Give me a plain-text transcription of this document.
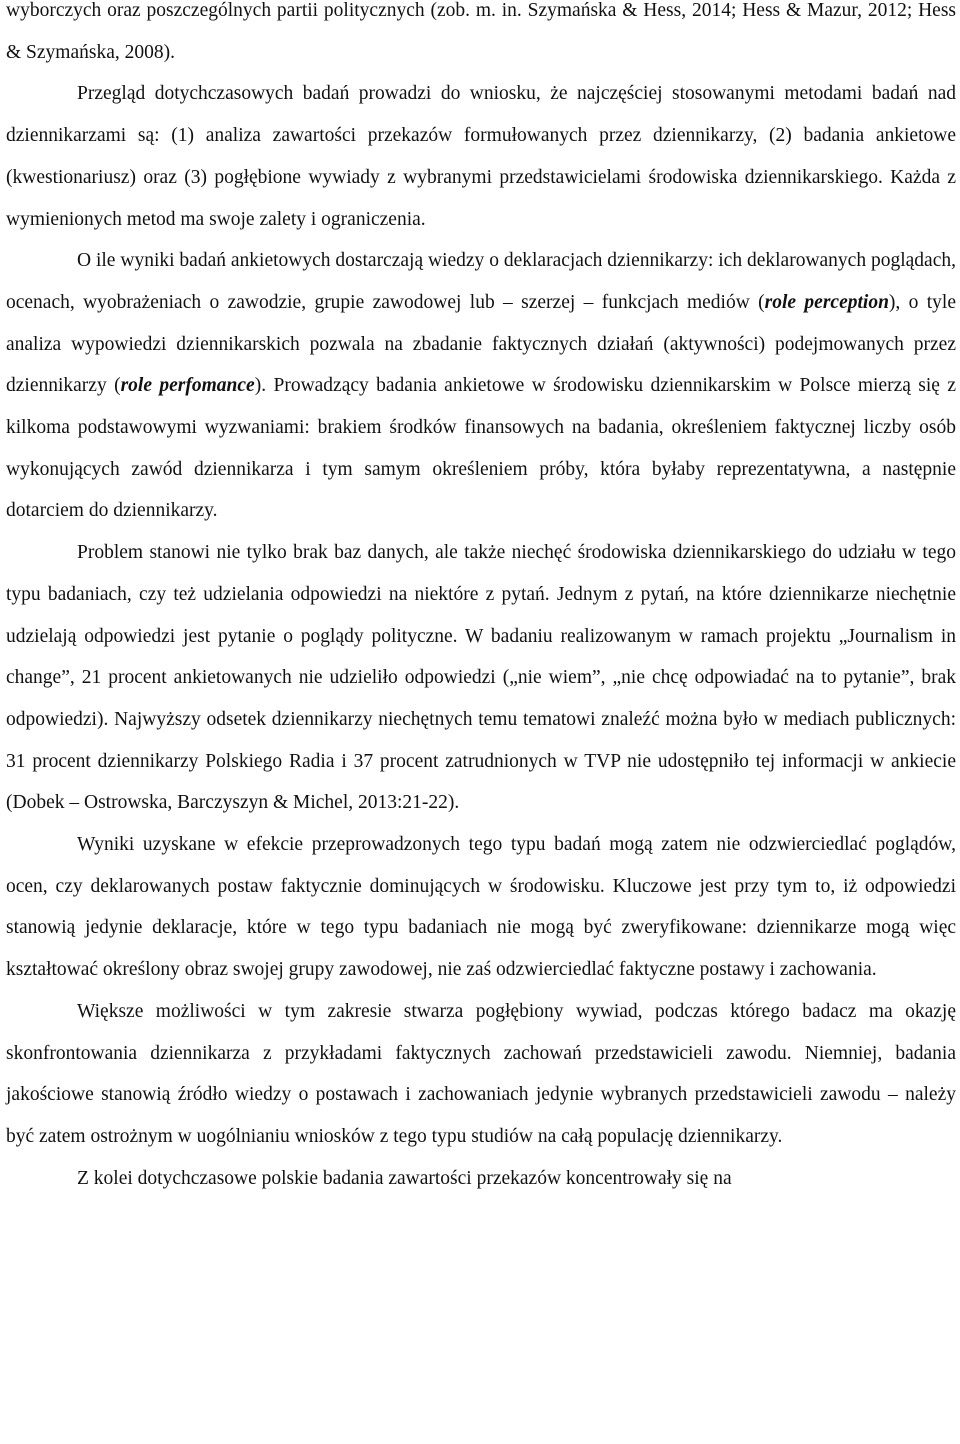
wyborczych oraz poszczególnych partii politycznych (zob. m. in. Szymańska & Hess, 2014; Hess & Mazur, 2012; Hess & Szymańska, 2008).

Przegląd dotychczasowych badań prowadzi do wniosku, że najczęściej stosowanymi metodami badań nad dziennikarzami są: (1) analiza zawartości przekazów formułowanych przez dziennikarzy, (2) badania ankietowe (kwestionariusz) oraz (3) pogłębione wywiady z wybranymi przedstawicielami środowiska dziennikarskiego. Każda z wymienionych metod ma swoje zalety i ograniczenia.

O ile wyniki badań ankietowych dostarczają wiedzy o deklaracjach dziennikarzy: ich deklarowanych poglądach, ocenach, wyobrażeniach o zawodzie, grupie zawodowej lub – szerzej – funkcjach mediów (role perception), o tyle analiza wypowiedzi dziennikarskich pozwala na zbadanie faktycznych działań (aktywności) podejmowanych przez dziennikarzy (role perfomance). Prowadzący badania ankietowe w środowisku dziennikarskim w Polsce mierzą się z kilkoma podstawowymi wyzwaniami: brakiem środków finansowych na badania, określeniem faktycznej liczby osób wykonujących zawód dziennikarza i tym samym określeniem próby, która byłaby reprezentatywna, a następnie dotarciem do dziennikarzy.

Problem stanowi nie tylko brak baz danych, ale także niechęć środowiska dziennikarskiego do udziału w tego typu badaniach, czy też udzielania odpowiedzi na niektóre z pytań. Jednym z pytań, na które dziennikarze niechętnie udzielają odpowiedzi jest pytanie o poglądy polityczne. W badaniu realizowanym w ramach projektu „Journalism in change”, 21 procent ankietowanych nie udzieliło odpowiedzi („nie wiem”, „nie chcę odpowiadać na to pytanie”, brak odpowiedzi). Najwyższy odsetek dziennikarzy niechętnych temu tematowi znaleźć można było w mediach publicznych: 31 procent dziennikarzy Polskiego Radia i 37 procent zatrudnionych w TVP nie udostępniło tej informacji w ankiecie (Dobek – Ostrowska, Barczyszyn & Michel, 2013:21-22).

Wyniki uzyskane w efekcie przeprowadzonych tego typu badań mogą zatem nie odzwierciedlać poglądów, ocen, czy deklarowanych postaw faktycznie dominujących w środowisku. Kluczowe jest przy tym to, iż odpowiedzi stanowią jedynie deklaracje, które w tego typu badaniach nie mogą być zweryfikowane: dziennikarze mogą więc kształtować określony obraz swojej grupy zawodowej, nie zaś odzwierciedlać faktyczne postawy i zachowania.

Większe możliwości w tym zakresie stwarza pogłębiony wywiad, podczas którego badacz ma okazję skonfrontowania dziennikarza z przykładami faktycznych zachowań przedstawicieli zawodu. Niemniej, badania jakościowe stanowią źródło wiedzy o postawach i zachowaniach jedynie wybranych przedstawicieli zawodu – należy być zatem ostrożnym w uogólnianiu wniosków z tego typu studiów na całą populację dziennikarzy.

Z kolei dotychczasowe polskie badania zawartości przekazów koncentrowały się na
